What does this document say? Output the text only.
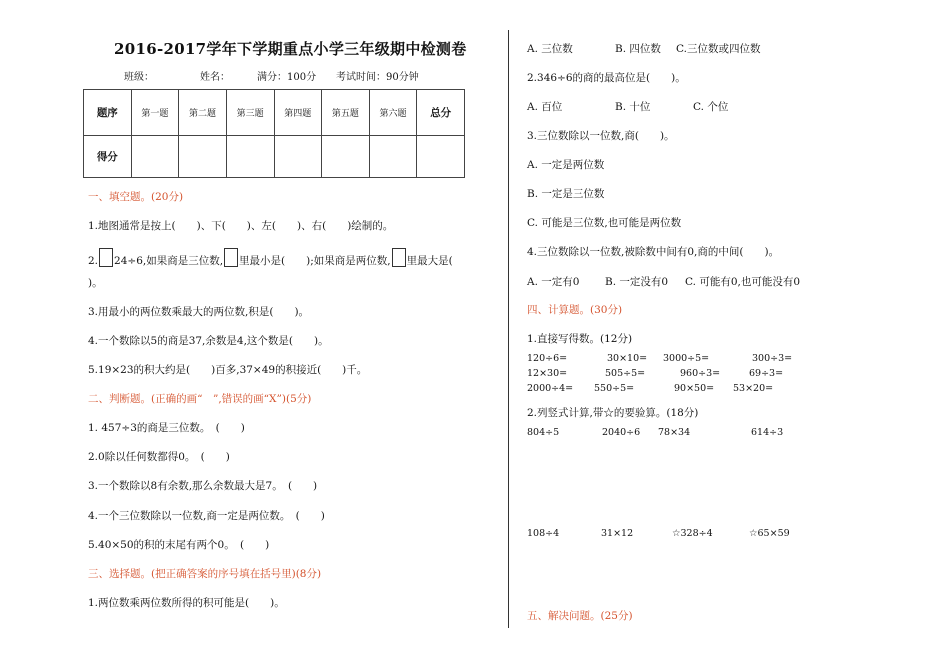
2016-2017学年下学期重点小学三年级期中检测卷
班级：	姓名：	满分：100分 考试时间：90分钟
题序	第一题	第二题	第三题	第四题	第五题	第六题	总分
得分							
一、填空题。(20分)
1.地图通常是按上(　　)、下(　　)、左(　　)、右(　　)绘制的。
2. 24÷6,如果商是三位数, 里最小是(　　);如果商是两位数, 里最大是(
)。
3.用最小的两位数乘最大的两位数,积是(　　)。
4.一个数除以5的商是37,余数是4,这个数是(　　)。
5.19×23的积大约是(　　)百多,37×49的积接近(　　)千。
二、判断题。(正确的画“　”,错误的画“X”)(5分)
1. 457÷3的商是三位数。　(　　)
2.0除以任何数都得0。　(　　)
3.一个数除以8有余数,那么余数最大是7。　(　　)
4.一个三位数除以一位数,商一定是两位数。　(　　)
5.40×50的积的末尾有两个0。　(　　)
三、选择题。(把正确答案的序号填在括号里)(8分)
1.两位数乘两位数所得的积可能是(　　)。
A. 三位数	B. 四位数 C.三位数或四位数
2.346÷6的商的最高位是(　　)。
A. 百位	B. 十位	C. 个位
3.三位数除以一位数,商(　　)。
A. 一定是两位数
B. 一定是三位数
C. 可能是三位数,也可能是两位数
4.三位数除以一位数,被除数中间有0,商的中间(　　)。
A. 一定有0 B. 一定没有0 C. 可能有0,也可能没有0
四、计算题。(30分)
1.直接写得数。(12分)
120÷6=	30×10= 3000÷5=	300÷3=
12×30=	505÷5=	960÷3=	69÷3=
2000÷4= 550÷5=	90×50= 53×20=
2.列竖式计算,带☆的要验算。(18分)
804÷5	2040÷6 78×34	614÷3
108÷4	31×12	☆328÷4	☆65×59
五、解决问题。(25分)
